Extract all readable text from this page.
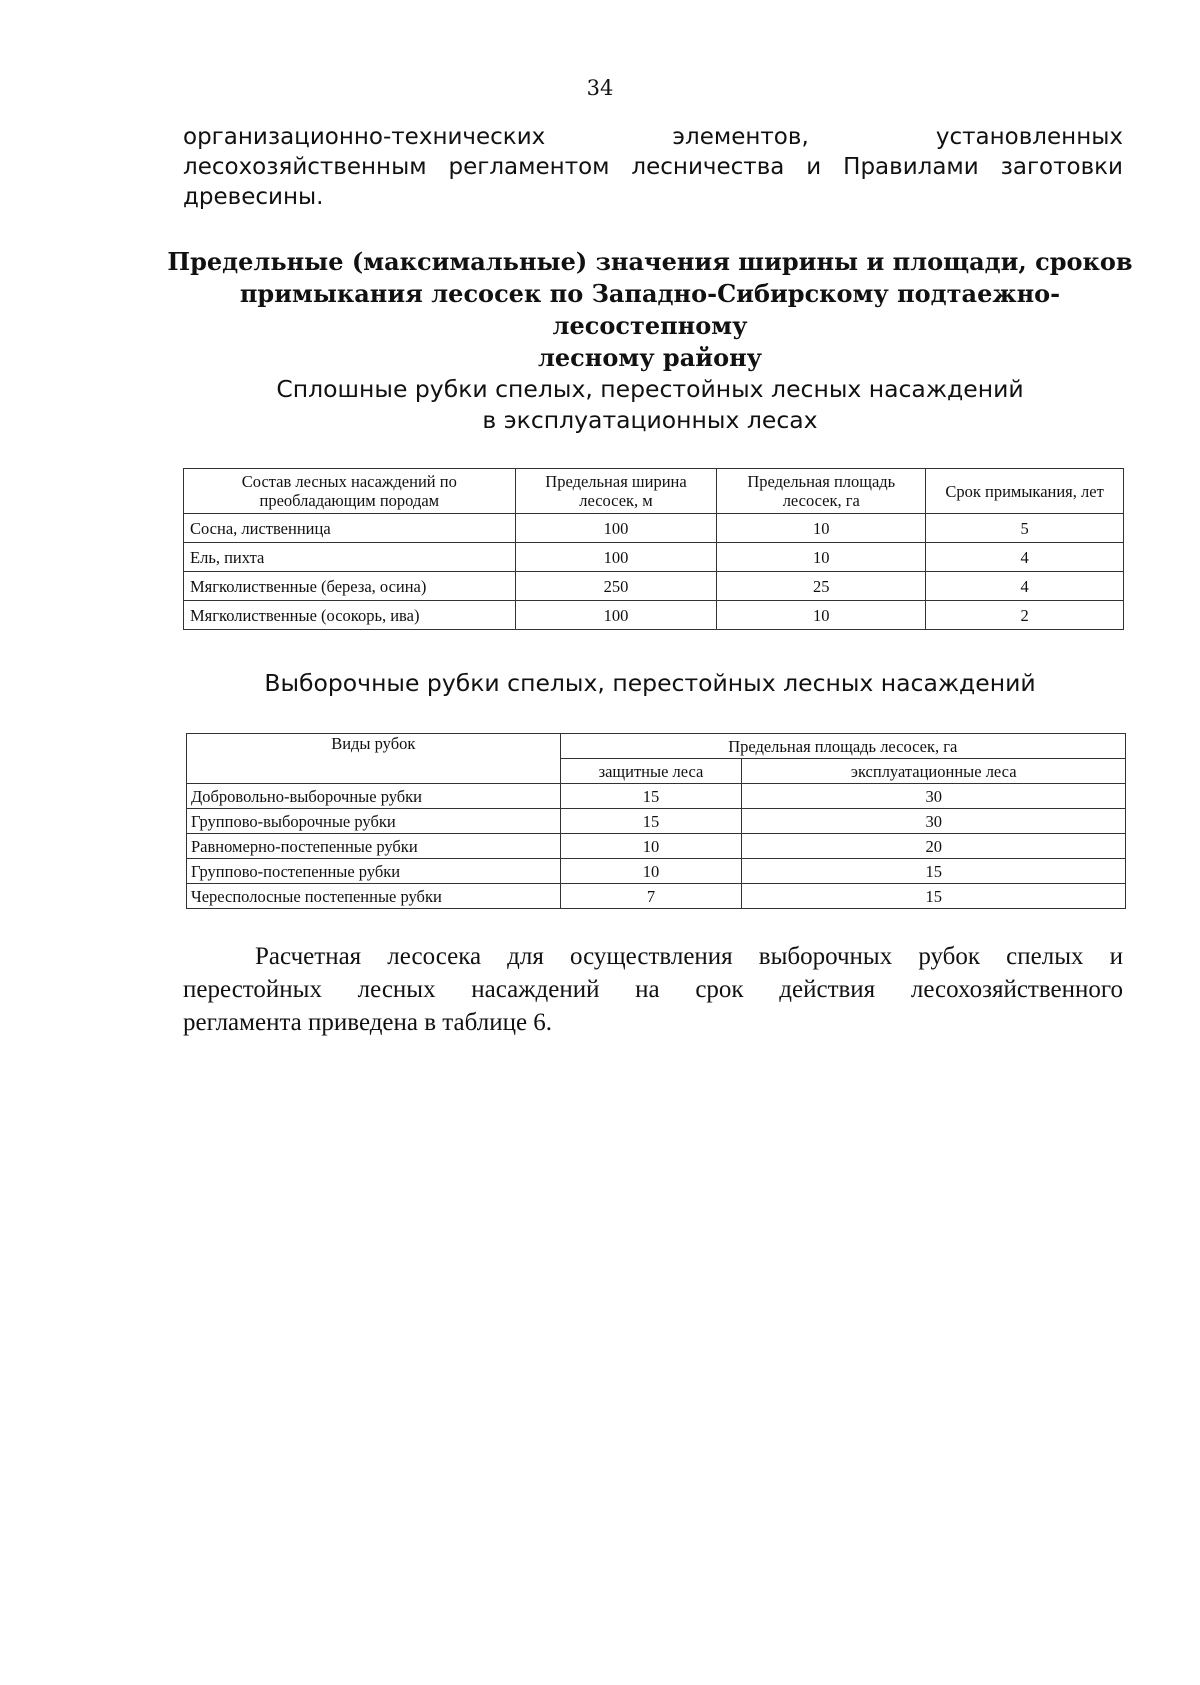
34
организационно-технических элементов, установленных
лесохозяйственным регламентом лесничества и Правилами заготовки
древесины.
Предельные (максимальные) значения ширины и площади, сроков
примыкания лесосек по Западно-Сибирскому подтаежно-лесостепному
лесному району
Сплошные рубки спелых, перестойных лесных насаждений
в эксплуатационных лесах
Состав лесных насаждений по преобладающим породам	Предельная ширина лесосек, м	Предельная площадь лесосек, га	Срок примыкания, лет
Сосна, лиственница	100	10	5
Ель, пихта	100	10	4
Мягколиственные (береза, осина)	250	25	4
Мягколиственные (осокорь, ива)	100	10	2
Выборочные рубки спелых, перестойных лесных насаждений
Виды рубок	Предельная площадь лесосек, га	
	защитные леса	эксплуатационные леса
Добровольно-выборочные рубки	15	30
Группово-выборочные рубки	15	30
Равномерно-постепенные рубки	10	20
Группово-постепенные рубки	10	15
Чересполосные постепенные рубки	7	15
Расчетная лесосека для осуществления выборочных рубок спелых и
перестойных лесных насаждений на срок действия лесохозяйственного
регламента приведена в таблице 6.
